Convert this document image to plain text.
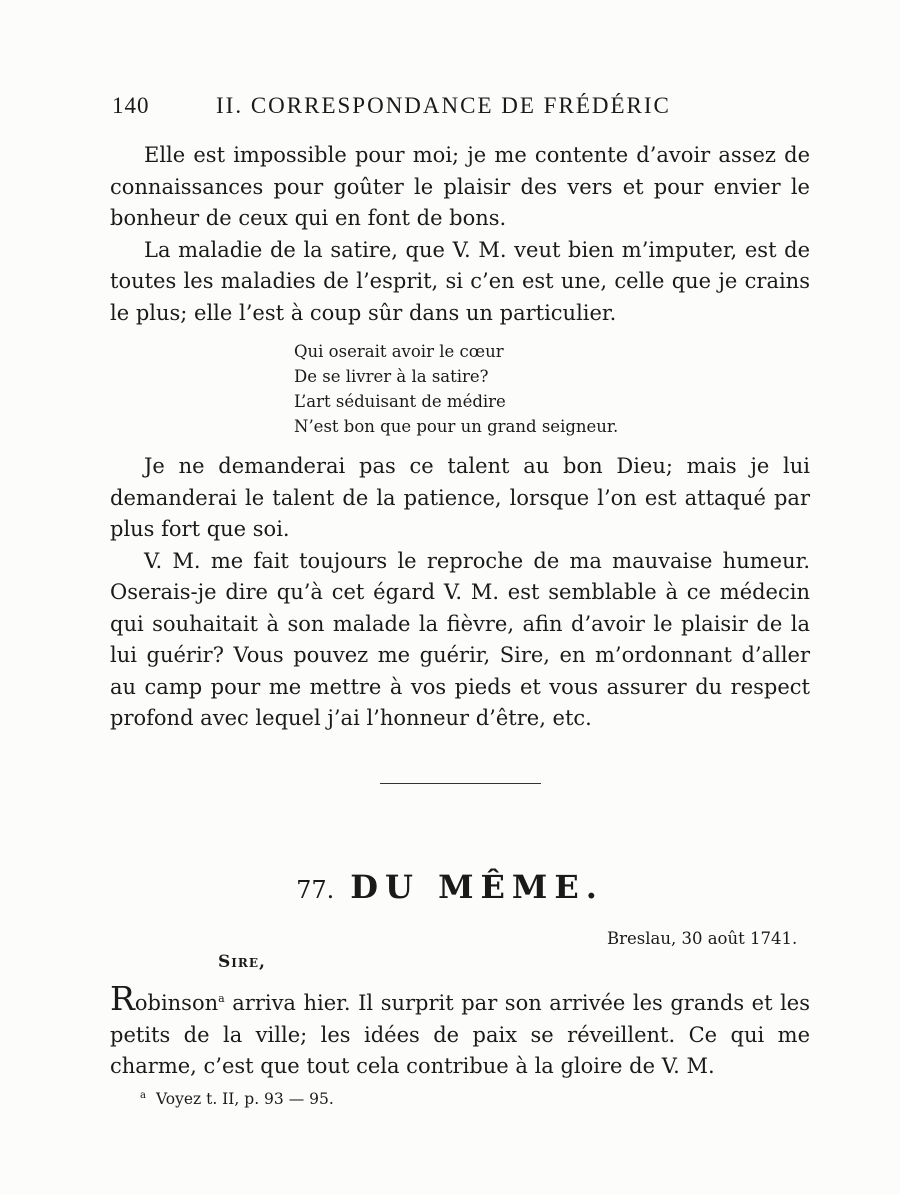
140	II. CORRESPONDANCE DE FRÉDÉRIC

Elle est impossible pour moi; je me contente d’avoir assez de connaissances pour goûter le plaisir des vers et pour envier le bonheur de ceux qui en font de bons.

La maladie de la satire, que V. M. veut bien m’imputer, est de toutes les maladies de l’esprit, si c’en est une, celle que je crains le plus; elle l’est à coup sûr dans un particulier.

Qui oserait avoir le cœur
De se livrer à la satire?
L’art séduisant de médire
N’est bon que pour un grand seigneur.

Je ne demanderai pas ce talent au bon Dieu; mais je lui demanderai le talent de la patience, lorsque l’on est attaqué par plus fort que soi.

V. M. me fait toujours le reproche de ma mauvaise humeur. Oserais-je dire qu’à cet égard V. M. est semblable à ce médecin qui souhaitait à son malade la fièvre, afin d’avoir le plaisir de la lui guérir? Vous pouvez me guérir, Sire, en m’ordonnant d’aller au camp pour me mettre à vos pieds et vous assurer du respect profond avec lequel j’ai l’honneur d’être, etc.

77. DU MÊME.
Breslau, 30 août 1741.
Sire,

Robinson$^a$ arriva hier. Il surprit par son arrivée les grands et les petits de la ville; les idées de paix se réveillent. Ce qui me charme, c’est que tout cela contribue à la gloire de V. M.

$^a$ Voyez t. II, p. 93 — 95.
